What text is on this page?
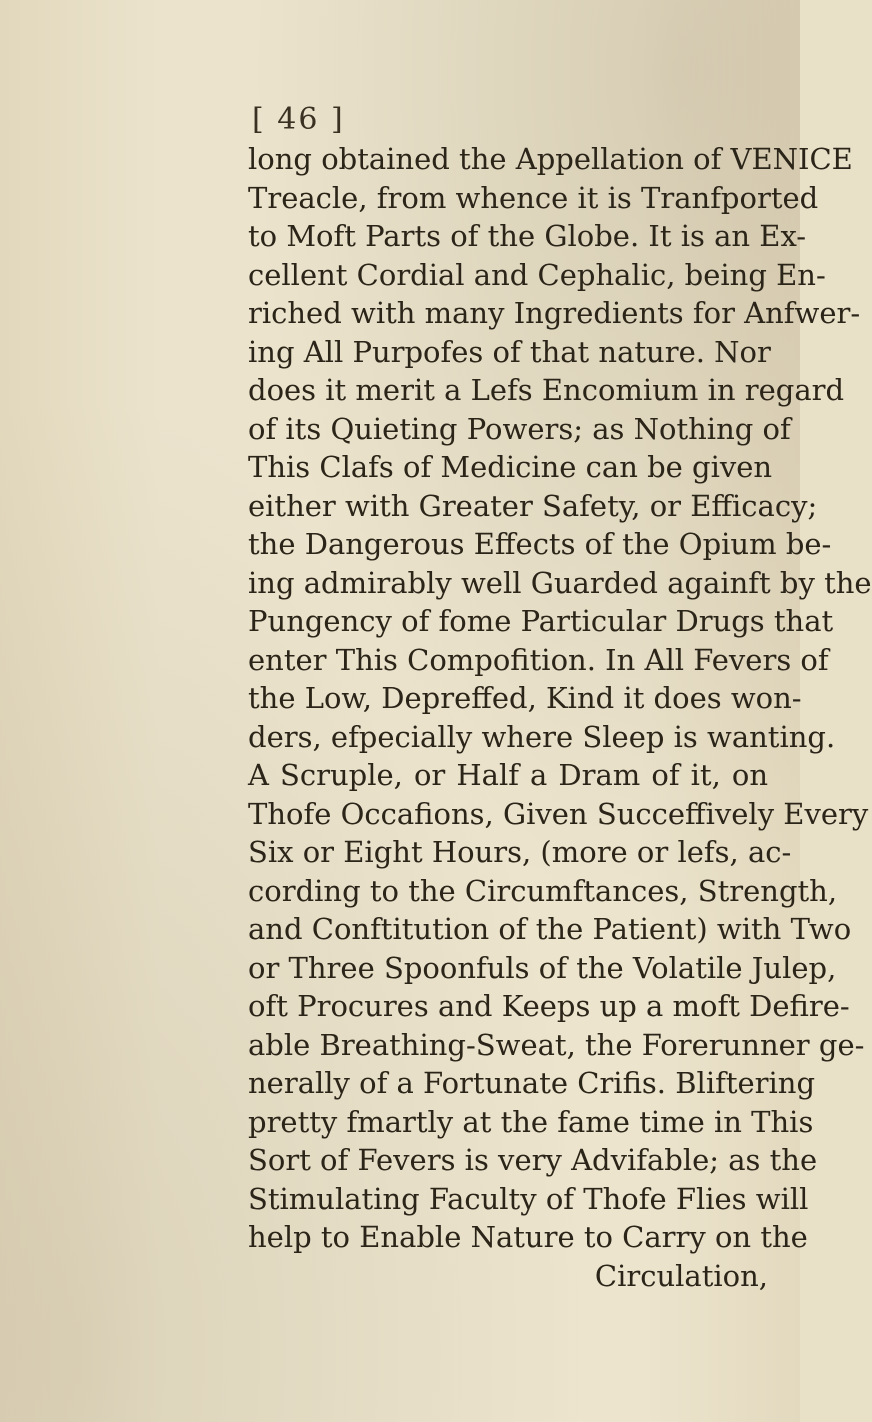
[ 46 ]
long obtained the Appellation of VENICE
Treacle, from whence it is Tranfported
to Moft Parts of the Globe. It is an Ex-
cellent Cordial and Cephalic, being En-
riched with many Ingredients for Anfwer-
ing All Purpofes of that nature. Nor
does it merit a Lefs Encomium in regard
of its Quieting Powers; as Nothing of
This Clafs of Medicine can be given
either with Greater Safety, or Efficacy;
the Dangerous Effects of the Opium be-
ing admirably well Guarded againft by the
Pungency of fome Particular Drugs that
enter This Compofition. In All Fevers of
the Low, Depreffed, Kind it does won-
ders, efpecially where Sleep is wanting.
A Scruple, or Half a Dram of it, on
Thofe Occafions, Given Succeffively Every
Six or Eight Hours, (more or lefs, ac-
cording to the Circumftances, Strength,
and Conftitution of the Patient) with Two
or Three Spoonfuls of the Volatile Julep,
oft Procures and Keeps up a moft Defire-
able Breathing-Sweat, the Forerunner ge-
nerally of a Fortunate Crifis. Bliftering
pretty fmartly at the fame time in This
Sort of Fevers is very Advifable; as the
Stimulating Faculty of Thofe Flies will
help to Enable Nature to Carry on the
Circulation,
